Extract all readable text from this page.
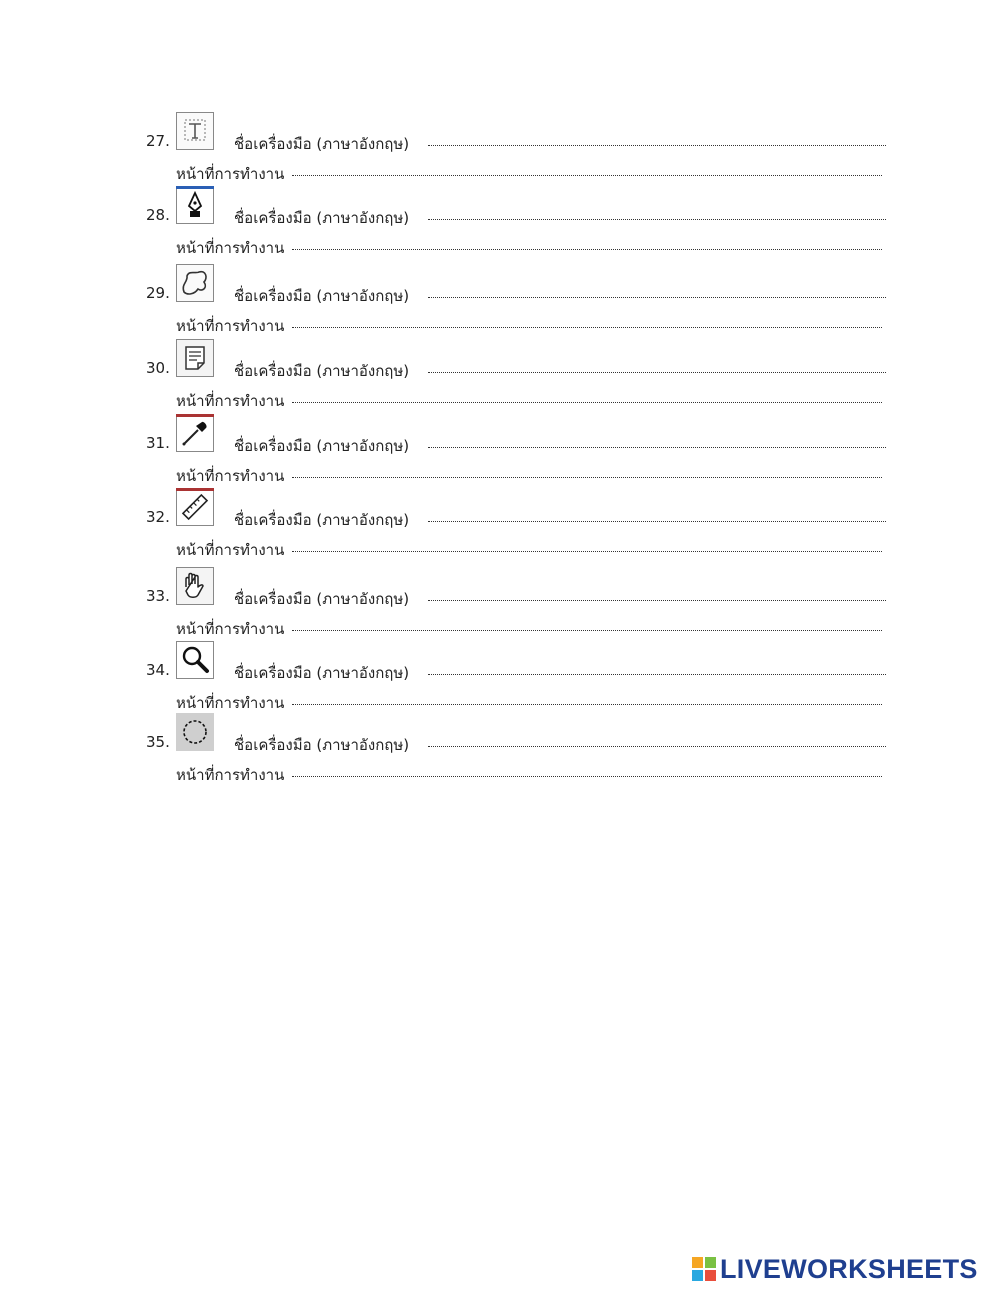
27.	ชื่อเครื่องมือ (ภาษาอังกฤษ)
หน้าที่การทำงาน
28.	ชื่อเครื่องมือ (ภาษาอังกฤษ)
หน้าที่การทำงาน
29.	ชื่อเครื่องมือ (ภาษาอังกฤษ)
หน้าที่การทำงาน
30.	ชื่อเครื่องมือ (ภาษาอังกฤษ)
หน้าที่การทำงาน
31.	ชื่อเครื่องมือ (ภาษาอังกฤษ)
หน้าที่การทำงาน
32.	ชื่อเครื่องมือ (ภาษาอังกฤษ)
หน้าที่การทำงาน
33.	ชื่อเครื่องมือ (ภาษาอังกฤษ)
หน้าที่การทำงาน
34.	ชื่อเครื่องมือ (ภาษาอังกฤษ)
หน้าที่การทำงาน
35.	ชื่อเครื่องมือ (ภาษาอังกฤษ)
หน้าที่การทำงาน
LIVEWORKSHEETS
